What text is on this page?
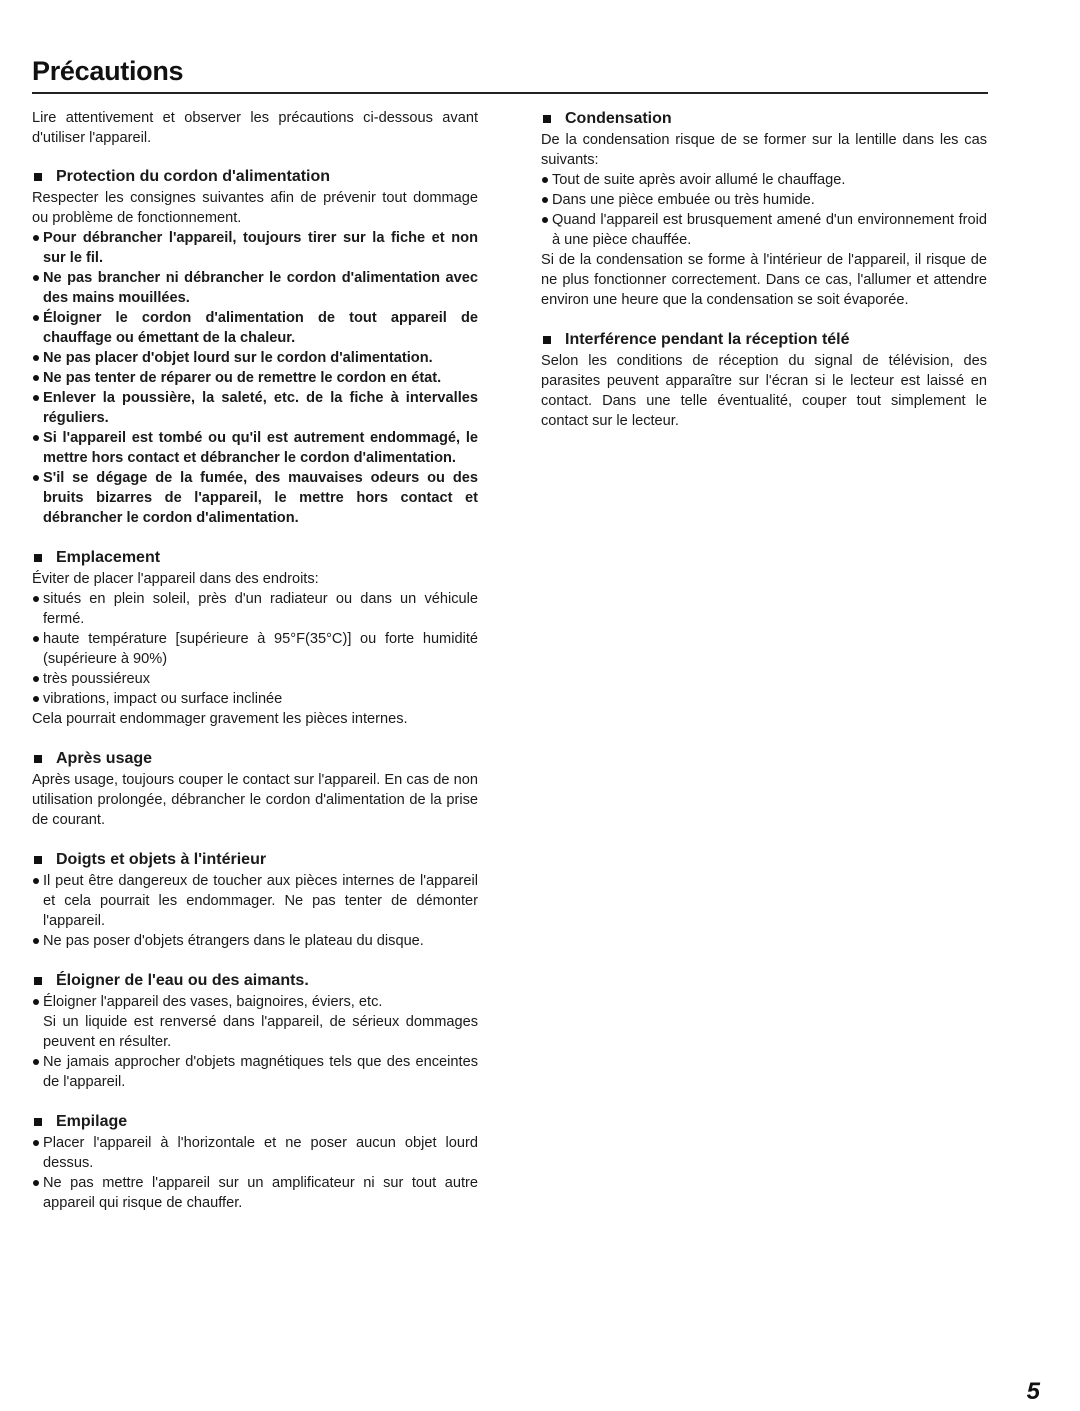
Précautions

Lire attentivement et observer les précautions ci-dessous avant d'utiliser l'appareil.

Protection du cordon d'alimentation

Respecter les consignes suivantes afin de prévenir tout dommage ou problème de fonctionnement.

Pour débrancher l'appareil, toujours tirer sur la fiche et non sur le fil.
Ne pas brancher ni débrancher le cordon d'alimentation avec des mains mouillées.
Éloigner le cordon d'alimentation de tout appareil de chauffage ou émettant de la chaleur.
Ne pas placer d'objet lourd sur le cordon d'alimentation.
Ne pas tenter de réparer ou de remettre le cordon en état.
Enlever la poussière, la saleté, etc. de la fiche à intervalles réguliers.
Si l'appareil est tombé ou qu'il est autrement endommagé, le mettre hors contact et débrancher le cordon d'alimentation.
S'il se dégage de la fumée, des mauvaises odeurs ou des bruits bizarres de l'appareil, le mettre hors contact et débrancher le cordon d'alimentation.
Emplacement

Éviter de placer l'appareil dans des endroits:

situés en plein soleil, près d'un radiateur ou dans un véhicule fermé.
haute température [supérieure à 95°F(35°C)] ou forte humidité (supérieure à 90%)
très poussiéreux
vibrations, impact ou surface inclinée

Cela pourrait endommager gravement les pièces internes.

Après usage

Après usage, toujours couper le contact sur l'appareil. En cas de non utilisation prolongée, débrancher le cordon d'alimentation de la prise de courant.

Doigts et objets à l'intérieur
Il peut être dangereux de toucher aux pièces internes de l'appareil et cela pourrait les endommager. Ne pas tenter de démonter l'appareil.
Ne pas poser d'objets étrangers dans le plateau du disque.
Éloigner de l'eau ou des aimants.
Éloigner l'appareil des vases, baignoires, éviers, etc.

Si un liquide est renversé dans l'appareil, de sérieux dommages peuvent en résulter.

Ne jamais approcher d'objets magnétiques tels que des enceintes de l'appareil.
Empilage
Placer l'appareil à l'horizontale et ne poser aucun objet lourd dessus.
Ne pas mettre l'appareil sur un amplificateur ni sur tout autre appareil qui risque de chauffer.
Condensation

De la condensation risque de se former sur la lentille dans les cas suivants:

Tout de suite après avoir allumé le chauffage.
Dans une pièce embuée ou très humide.
Quand l'appareil est brusquement amené d'un environnement froid à une pièce chauffée.

Si de la condensation se forme à l'intérieur de l'appareil, il risque de ne plus fonctionner correctement. Dans ce cas, l'allumer et attendre environ une heure que la condensation se soit évaporée.

Interférence pendant la réception télé

Selon les conditions de réception du signal de télévision, des parasites peuvent apparaître sur l'écran si le lecteur est laissé en contact. Dans une telle éventualité, couper tout simplement le contact sur le lecteur.

5
